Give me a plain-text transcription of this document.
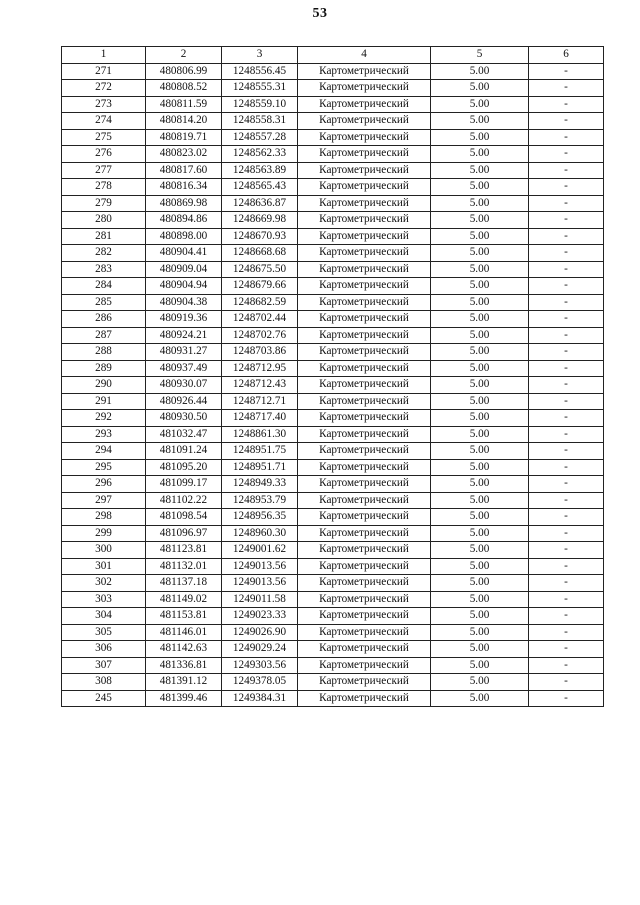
53
1	2	3	4	5	6
271	480806.99	1248556.45	Картометрический	5.00	-
272	480808.52	1248555.31	Картометрический	5.00	-
273	480811.59	1248559.10	Картометрический	5.00	-
274	480814.20	1248558.31	Картометрический	5.00	-
275	480819.71	1248557.28	Картометрический	5.00	-
276	480823.02	1248562.33	Картометрический	5.00	-
277	480817.60	1248563.89	Картометрический	5.00	-
278	480816.34	1248565.43	Картометрический	5.00	-
279	480869.98	1248636.87	Картометрический	5.00	-
280	480894.86	1248669.98	Картометрический	5.00	-
281	480898.00	1248670.93	Картометрический	5.00	-
282	480904.41	1248668.68	Картометрический	5.00	-
283	480909.04	1248675.50	Картометрический	5.00	-
284	480904.94	1248679.66	Картометрический	5.00	-
285	480904.38	1248682.59	Картометрический	5.00	-
286	480919.36	1248702.44	Картометрический	5.00	-
287	480924.21	1248702.76	Картометрический	5.00	-
288	480931.27	1248703.86	Картометрический	5.00	-
289	480937.49	1248712.95	Картометрический	5.00	-
290	480930.07	1248712.43	Картометрический	5.00	-
291	480926.44	1248712.71	Картометрический	5.00	-
292	480930.50	1248717.40	Картометрический	5.00	-
293	481032.47	1248861.30	Картометрический	5.00	-
294	481091.24	1248951.75	Картометрический	5.00	-
295	481095.20	1248951.71	Картометрический	5.00	-
296	481099.17	1248949.33	Картометрический	5.00	-
297	481102.22	1248953.79	Картометрический	5.00	-
298	481098.54	1248956.35	Картометрический	5.00	-
299	481096.97	1248960.30	Картометрический	5.00	-
300	481123.81	1249001.62	Картометрический	5.00	-
301	481132.01	1249013.56	Картометрический	5.00	-
302	481137.18	1249013.56	Картометрический	5.00	-
303	481149.02	1249011.58	Картометрический	5.00	-
304	481153.81	1249023.33	Картометрический	5.00	-
305	481146.01	1249026.90	Картометрический	5.00	-
306	481142.63	1249029.24	Картометрический	5.00	-
307	481336.81	1249303.56	Картометрический	5.00	-
308	481391.12	1249378.05	Картометрический	5.00	-
245	481399.46	1249384.31	Картометрический	5.00	-
